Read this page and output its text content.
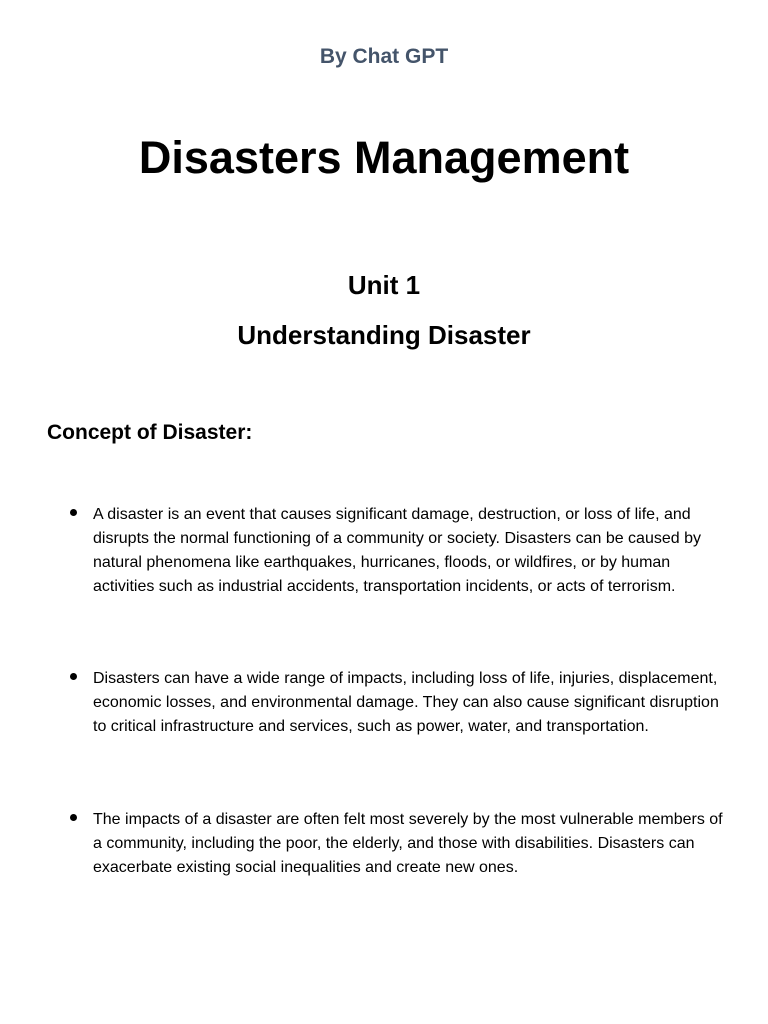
By Chat GPT
Disasters Management
Unit 1
Understanding Disaster
Concept of Disaster:
A disaster is an event that causes significant damage, destruction, or loss of life, and disrupts the normal functioning of a community or society. Disasters can be caused by natural phenomena like earthquakes, hurricanes, floods, or wildfires, or by human activities such as industrial accidents, transportation incidents, or acts of terrorism.
Disasters can have a wide range of impacts, including loss of life, injuries, displacement, economic losses, and environmental damage. They can also cause significant disruption to critical infrastructure and services, such as power, water, and transportation.
The impacts of a disaster are often felt most severely by the most vulnerable members of a community, including the poor, the elderly, and those with disabilities. Disasters can exacerbate existing social inequalities and create new ones.
